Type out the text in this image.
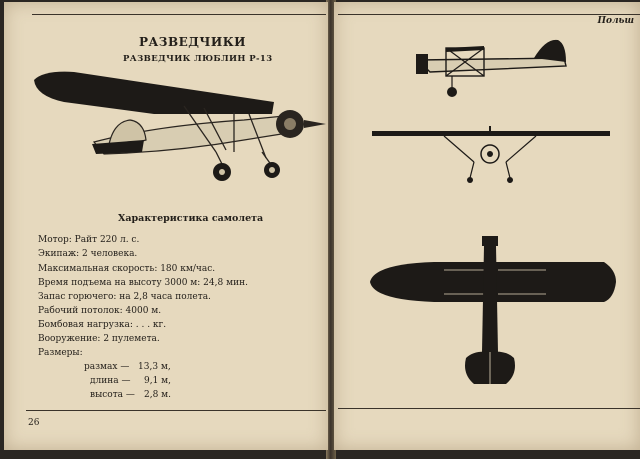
РАЗВЕДЧИКИ
РАЗВЕДЧИК ЛЮБЛИН Р-13
Характеристика самолета
Мотор: Райт 220 л. с.
Экипаж: 2 человека.
Максимальная скорость: 180 км/час.
Время подъема на высоту 3000 м: 24,8 мин.
Запас горючего: на 2,8 часа полета.
Рабочий потолок: 4000 м.
Бомбовая нагрузка: . . . кг.
Вооружение: 2 пулемета.
Размеры:
размах — 13,3 м,
длина — 9,1 м,
высота — 2,8 м.
26
Польш
